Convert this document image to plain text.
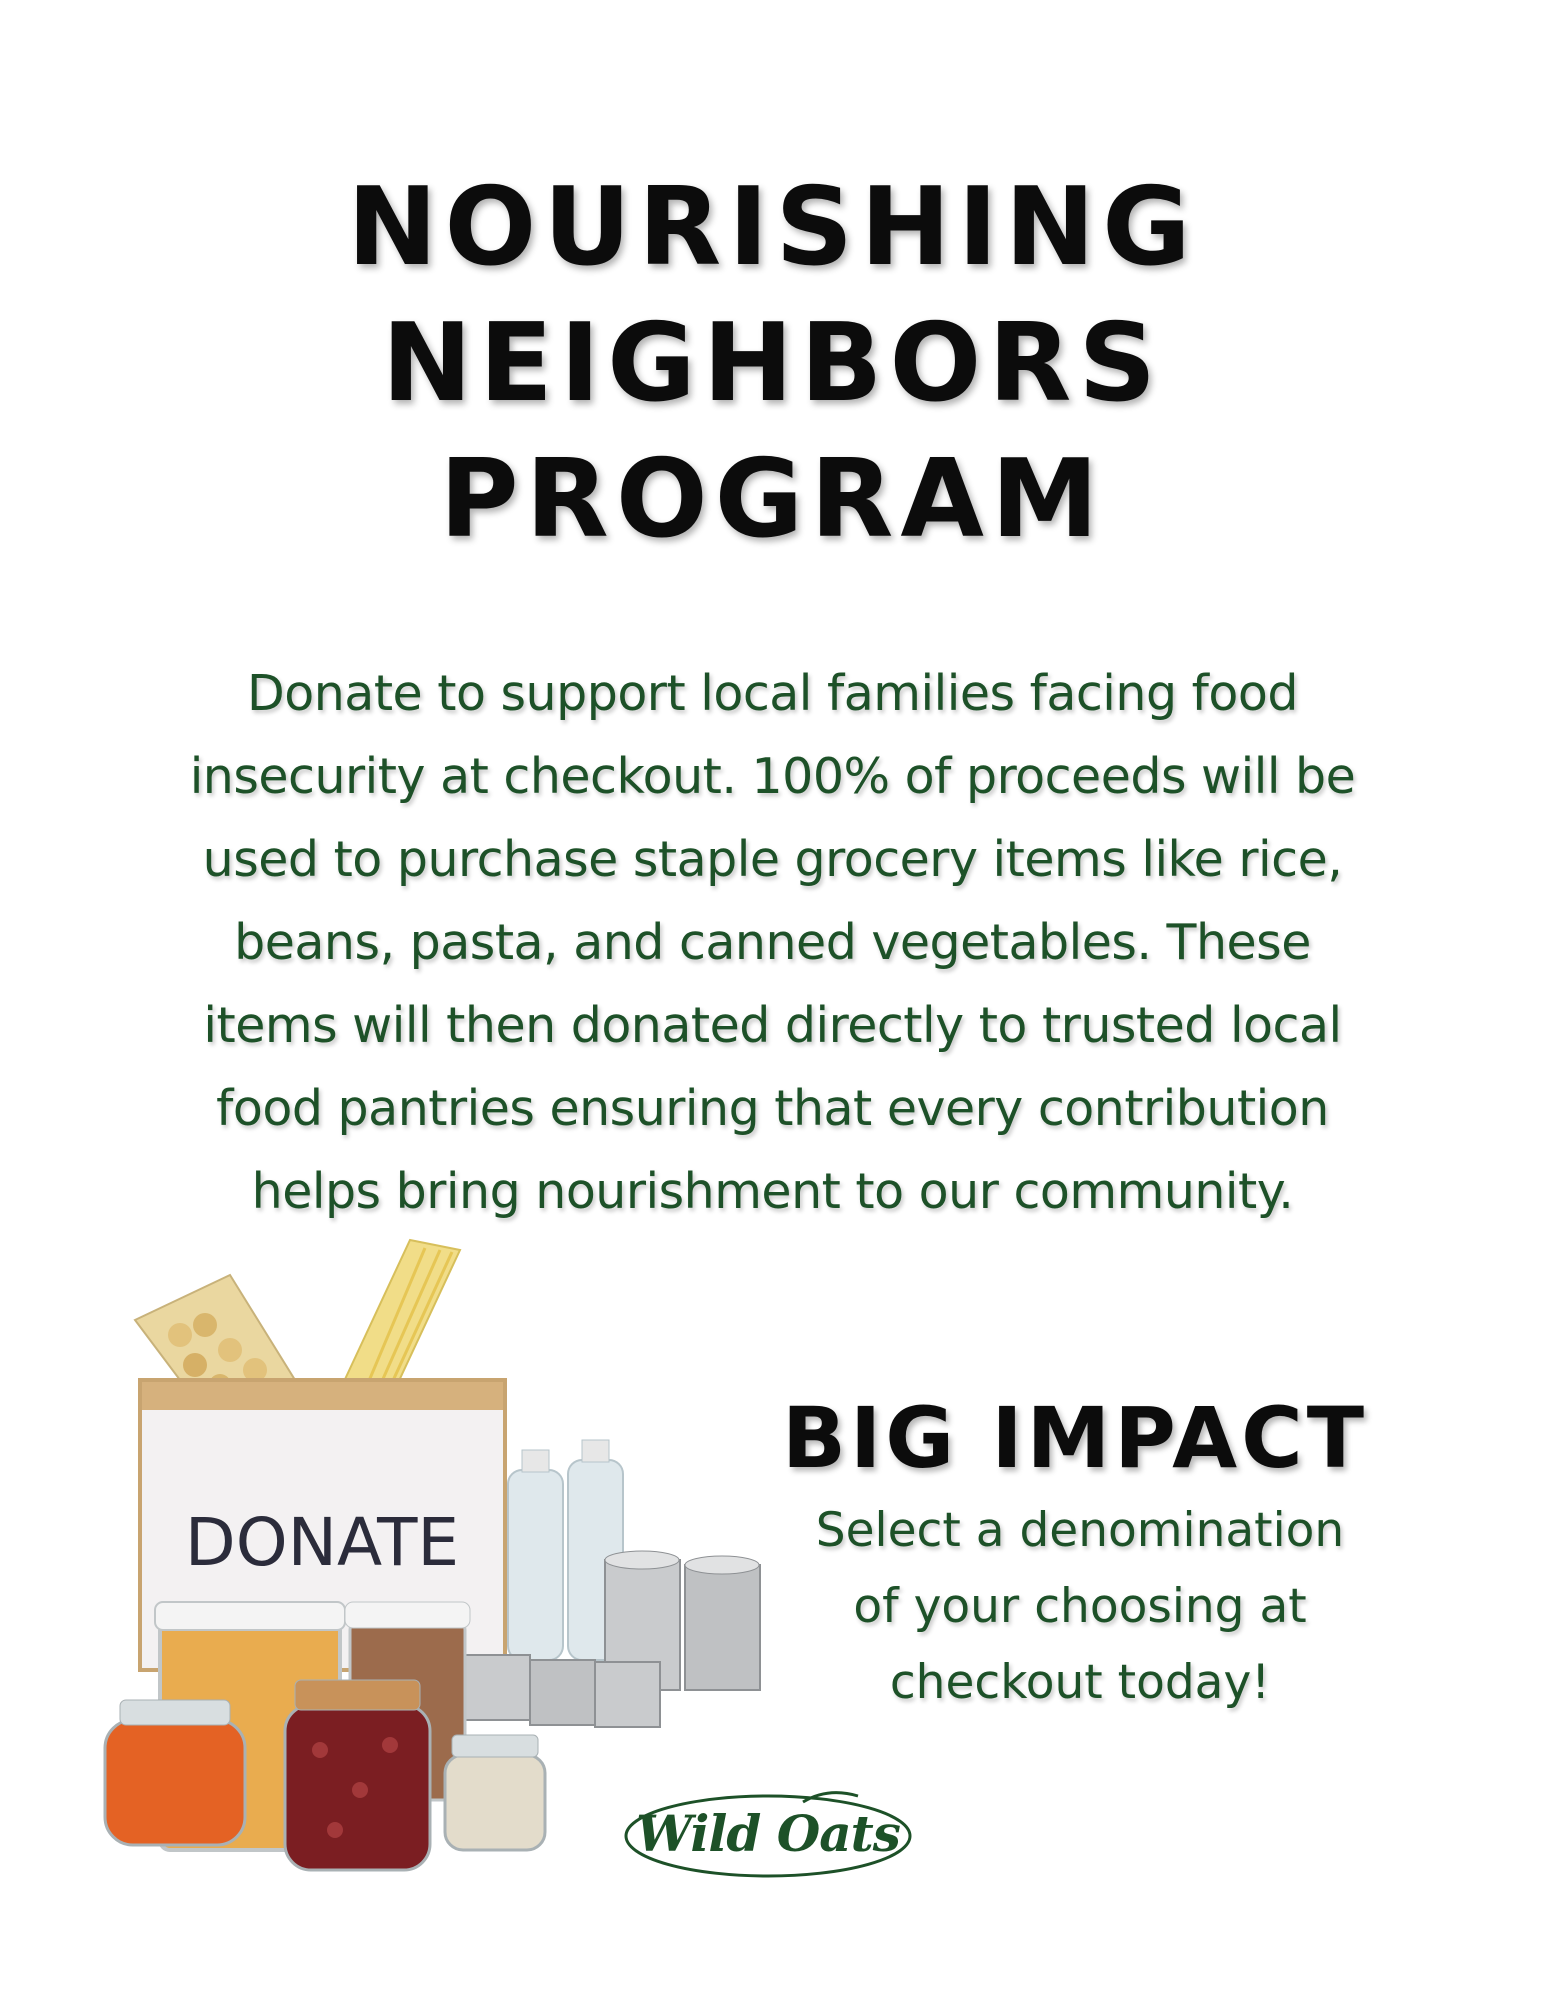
NOURISHING
NEIGHBORS
PROGRAM

Donate to support local families facing food
insecurity at checkout. 100% of proceeds will be
used to purchase staple grocery items like rice,
beans, pasta, and canned vegetables. These
items will then donated directly to trusted local
food pantries ensuring that every contribution
helps bring nourishment to our community.

DONATE
BIG IMPACT

Select a denomination
of your choosing at
checkout today!

Wild Oats
